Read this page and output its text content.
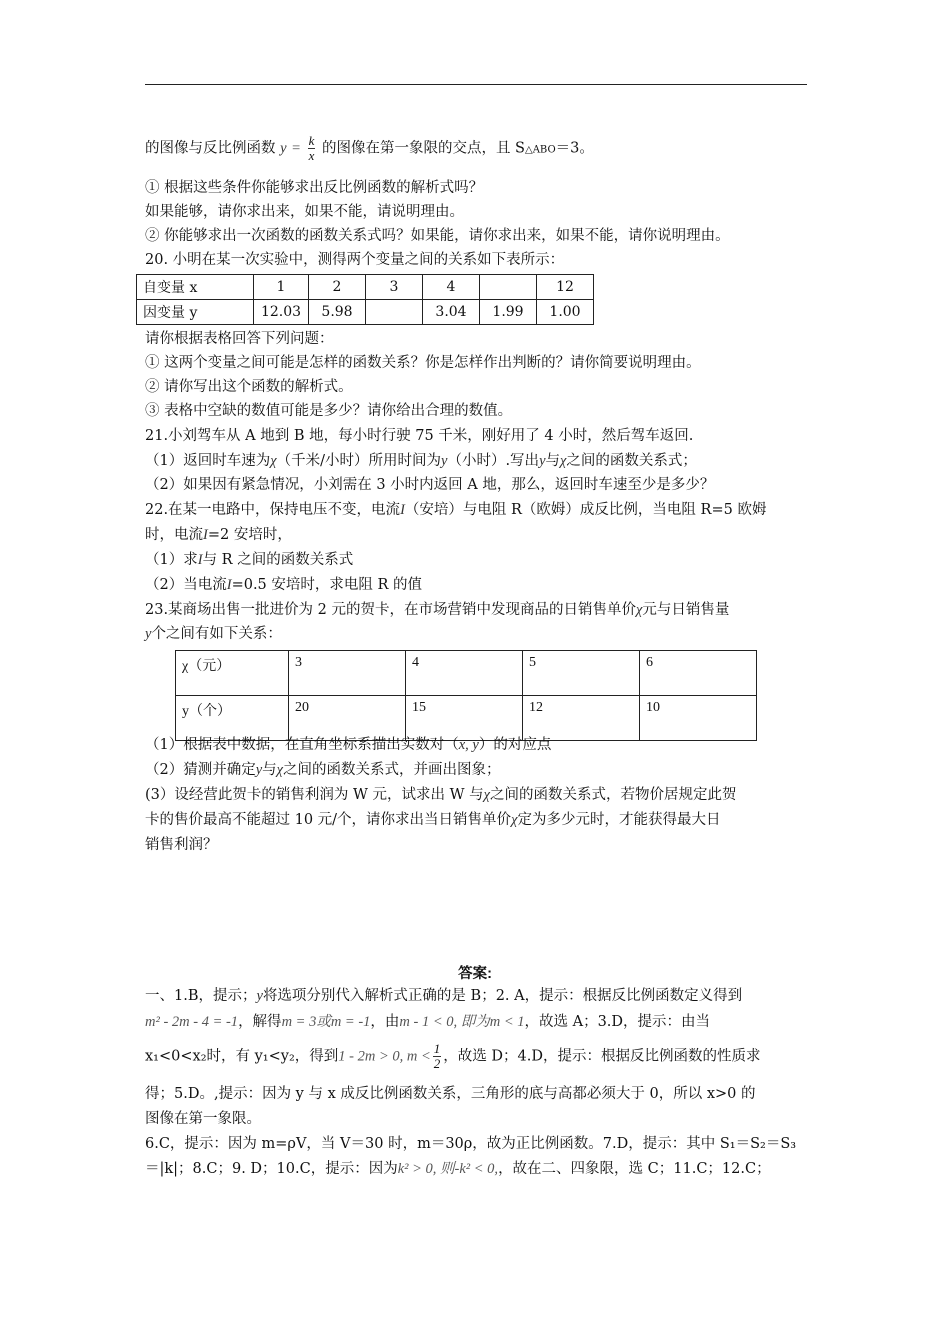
的图像与反比例函数 $y = \frac{k}{x}$ 的图像在第一象限的交点，且 S△ABO＝3。
① 根据这些条件你能够求出反比例函数的解析式吗？
如果能够，请你求出来，如果不能，请说明理由。
② 你能够求出一次函数的函数关系式吗？如果能，请你求出来，如果不能，请你说明理由。
20. 小明在某一次实验中，测得两个变量之间的关系如下表所示：
自变量 x	1	2	3	4		12
因变量 y	12.03	5.98		3.04	1.99	1.00
请你根据表格回答下列问题：
① 这两个变量之间可能是怎样的函数关系？你是怎样作出判断的？请你简要说明理由。
② 请你写出这个函数的解析式。
③ 表格中空缺的数值可能是多少？请你给出合理的数值。
21.小刘驾车从 A 地到 B 地，每小时行驶 75 千米，刚好用了 4 小时，然后驾车返回.
（1）返回时车速为χ（千米/小时）所用时间为y（小时）.写出y与χ之间的函数关系式；
（2）如果因有紧急情况，小刘需在 3 小时内返回 A 地，那么，返回时车速至少是多少？
22.在某一电路中，保持电压不变，电流I（安培）与电阻 R（欧姆）成反比例，当电阻 R=5 欧姆
时，电流I=2 安培时，
（1）求I与 R 之间的函数关系式
（2）当电流I=0.5 安培时，求电阻 R 的值
23.某商场出售一批进价为 2 元的贺卡，在市场营销中发现商品的日销售单价χ元与日销售量
y个之间有如下关系：
χ（元）	3	4	5	6
y（个）	20	15	12	10
（1）根据表中数据，在直角坐标系描出实数对（x, y）的对应点
（2）猜测并确定y与χ之间的函数关系式，并画出图象；
(3）设经营此贺卡的销售利润为 W 元，试求出 W 与χ之间的函数关系式，若物价居规定此贺
卡的售价最高不能超过 10 元/个，请你求出当日销售单价χ定为多少元时，才能获得最大日
销售利润？
答案:
一、1.B，提示；y将选项分别代入解析式正确的是 B；2. A，提示：根据反比例函数定义得到
m² - 2m - 4 = -1，解得m = 3或m = -1，由m - 1 < 0, 即为m < 1，故选 A；3.D，提示：由当
x₁<0<x₂时，有 y₁<y₂，得到1 - 2m > 0, $m < \frac{1}{2}$ ，故选 D；4.D，提示：根据反比例函数的性质求
得；5.D。,提示：因为 y 与 x 成反比例函数关系，三角形的底与高都必须大于 0，所以 x>0 的
图像在第一象限。
6.C，提示：因为 m=ρV，当 V＝30 时，m＝30ρ，故为正比例函数。7.D，提示：其中 S₁＝S₂＝S₃
＝|k|；8.C；9. D；10.C，提示：因为k² > 0, 则-k² < 0,，故在二、四象限，选 C；11.C；12.C；
